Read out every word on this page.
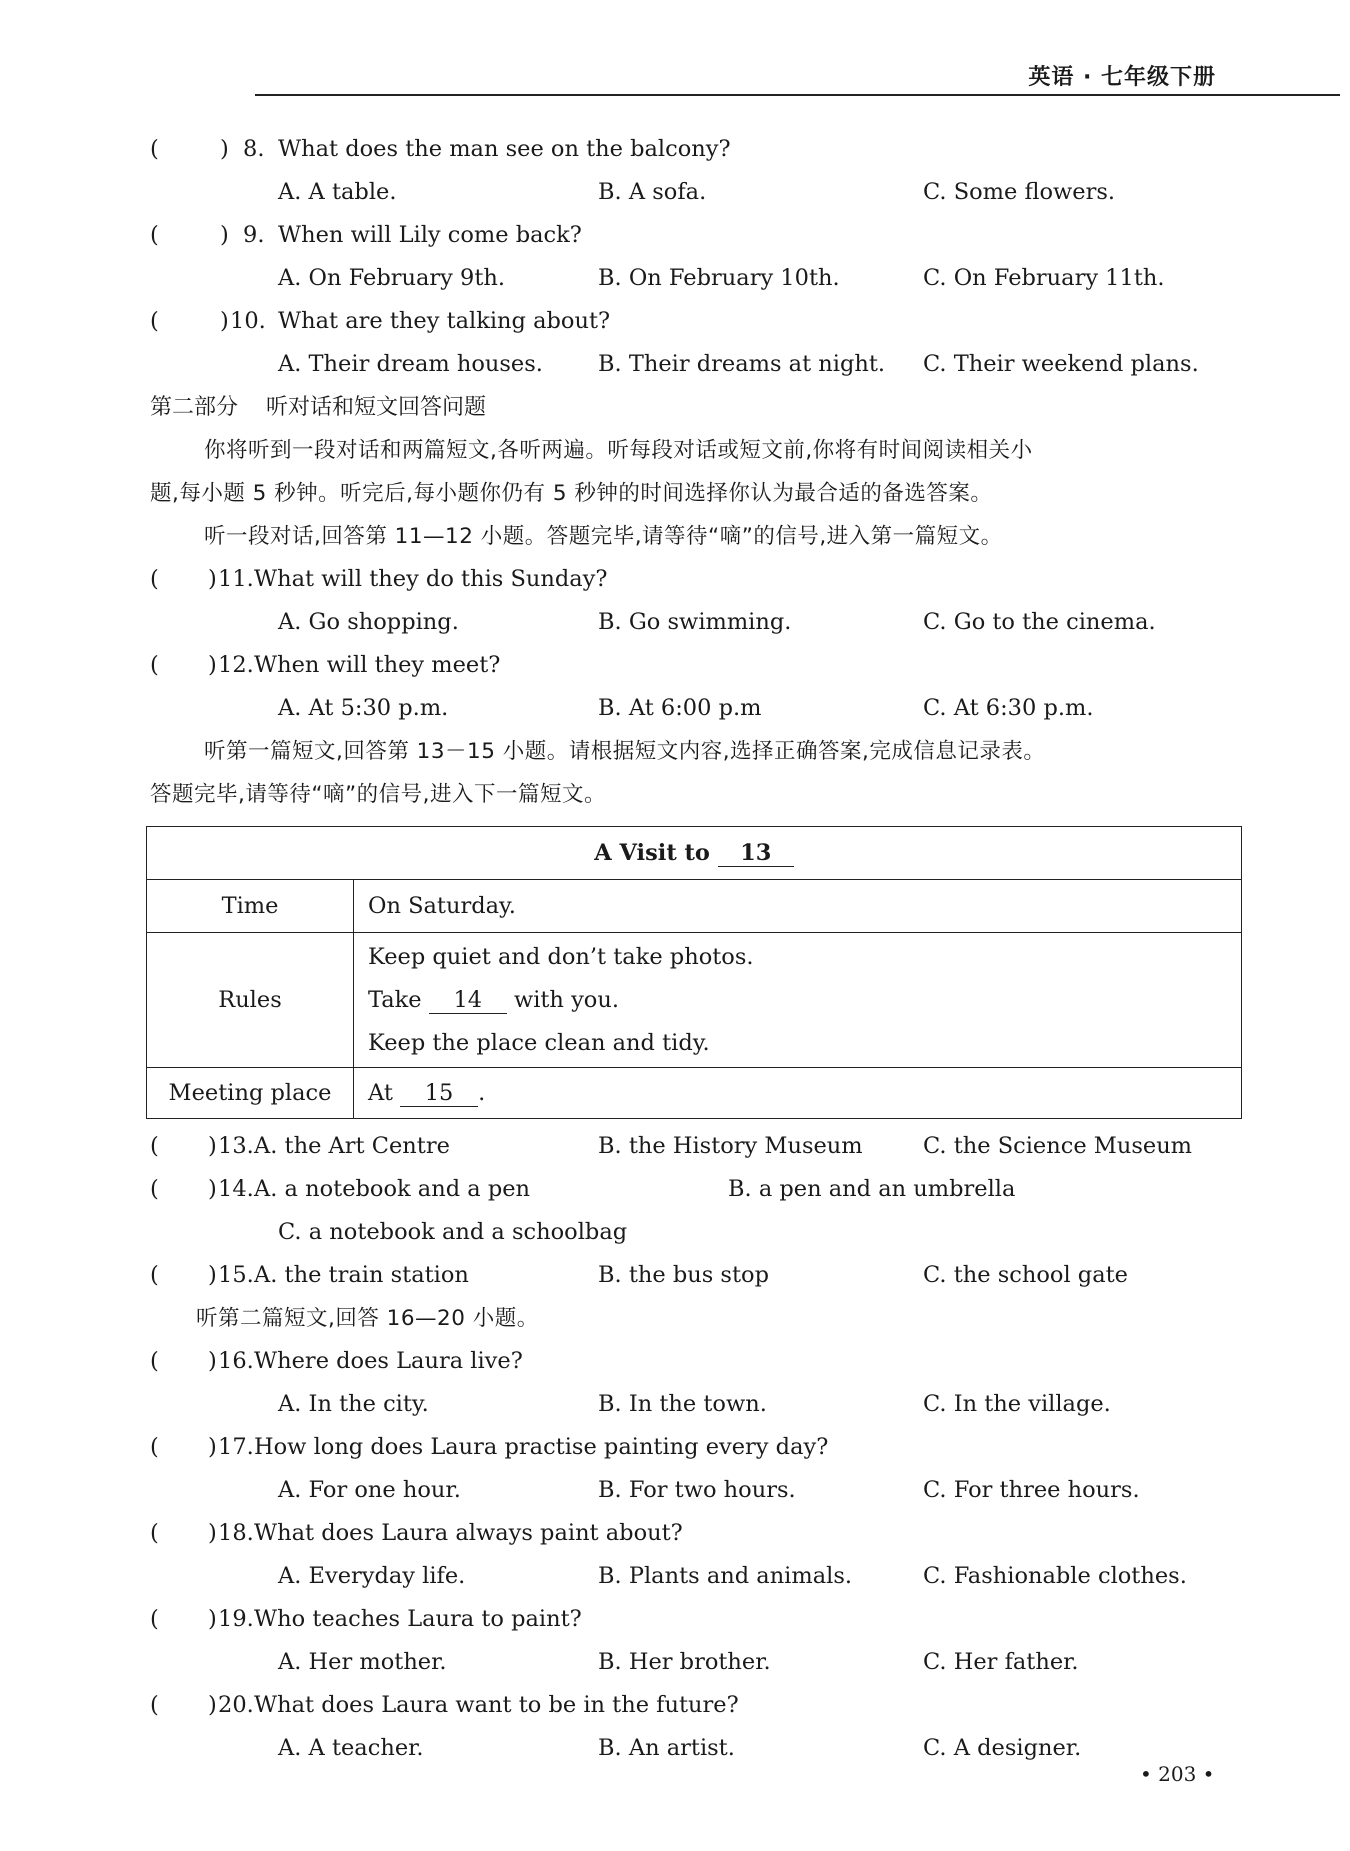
英语 · 七年级下册
(	) 8. What does the man see on the balcony?
A. A table.	B. A sofa.	C. Some flowers.
(	) 9. When will Lily come back?
A. On February 9th.	B. On February 10th.	C. On February 11th.
(	) 10. What are they talking about?
A. Their dream houses. B. Their dreams at night. C. Their weekend plans.
第二部分 听对话和短文回答问题
你将听到一段对话和两篇短文,各听两遍。听每段对话或短文前,你将有时间阅读相关小
题,每小题 5 秒钟。听完后,每小题你仍有 5 秒钟的时间选择你认为最合适的备选答案。
听一段对话,回答第 11—12 小题。答题完毕,请等待“嘀”的信号,进入第一篇短文。
( ) 11. What will they do this Sunday?
A. Go shopping.	B. Go swimming.	C. Go to the cinema.
( ) 12. When will they meet?
A. At 5:30 p.m.	B. At 6:00 p.m	C. At 6:30 p.m.
听第一篇短文,回答第 13－15 小题。请根据短文内容,选择正确答案,完成信息记录表。
答题完毕,请等待“嘀”的信号,进入下一篇短文。
A Visit to 13	
Time	On Saturday.
Rules	Keep quiet and don’t take photos.
Take 14 with you.
Keep the place clean and tidy.

Meeting place	At 15 .
( ) 13. A. the Art Centre	B. the History Museum	C. the Science Museum
( ) 14. A. a notebook and a pen	B. a pen and an umbrella
C. a notebook and a schoolbag
( ) 15. A. the train station	B. the bus stop	C. the school gate
听第二篇短文,回答 16—20 小题。
( ) 16. Where does Laura live?
A. In the city.	B. In the town.	C. In the village.
( ) 17. How long does Laura practise painting every day?
A. For one hour.	B. For two hours.	C. For three hours.
( ) 18. What does Laura always paint about?
A. Everyday life.	B. Plants and animals.	C. Fashionable clothes.
( ) 19. Who teaches Laura to paint?
A. Her mother.	B. Her brother.	C. Her father.
( ) 20. What does Laura want to be in the future?
A. A teacher.	B. An artist.	C. A designer.
• 203 •
